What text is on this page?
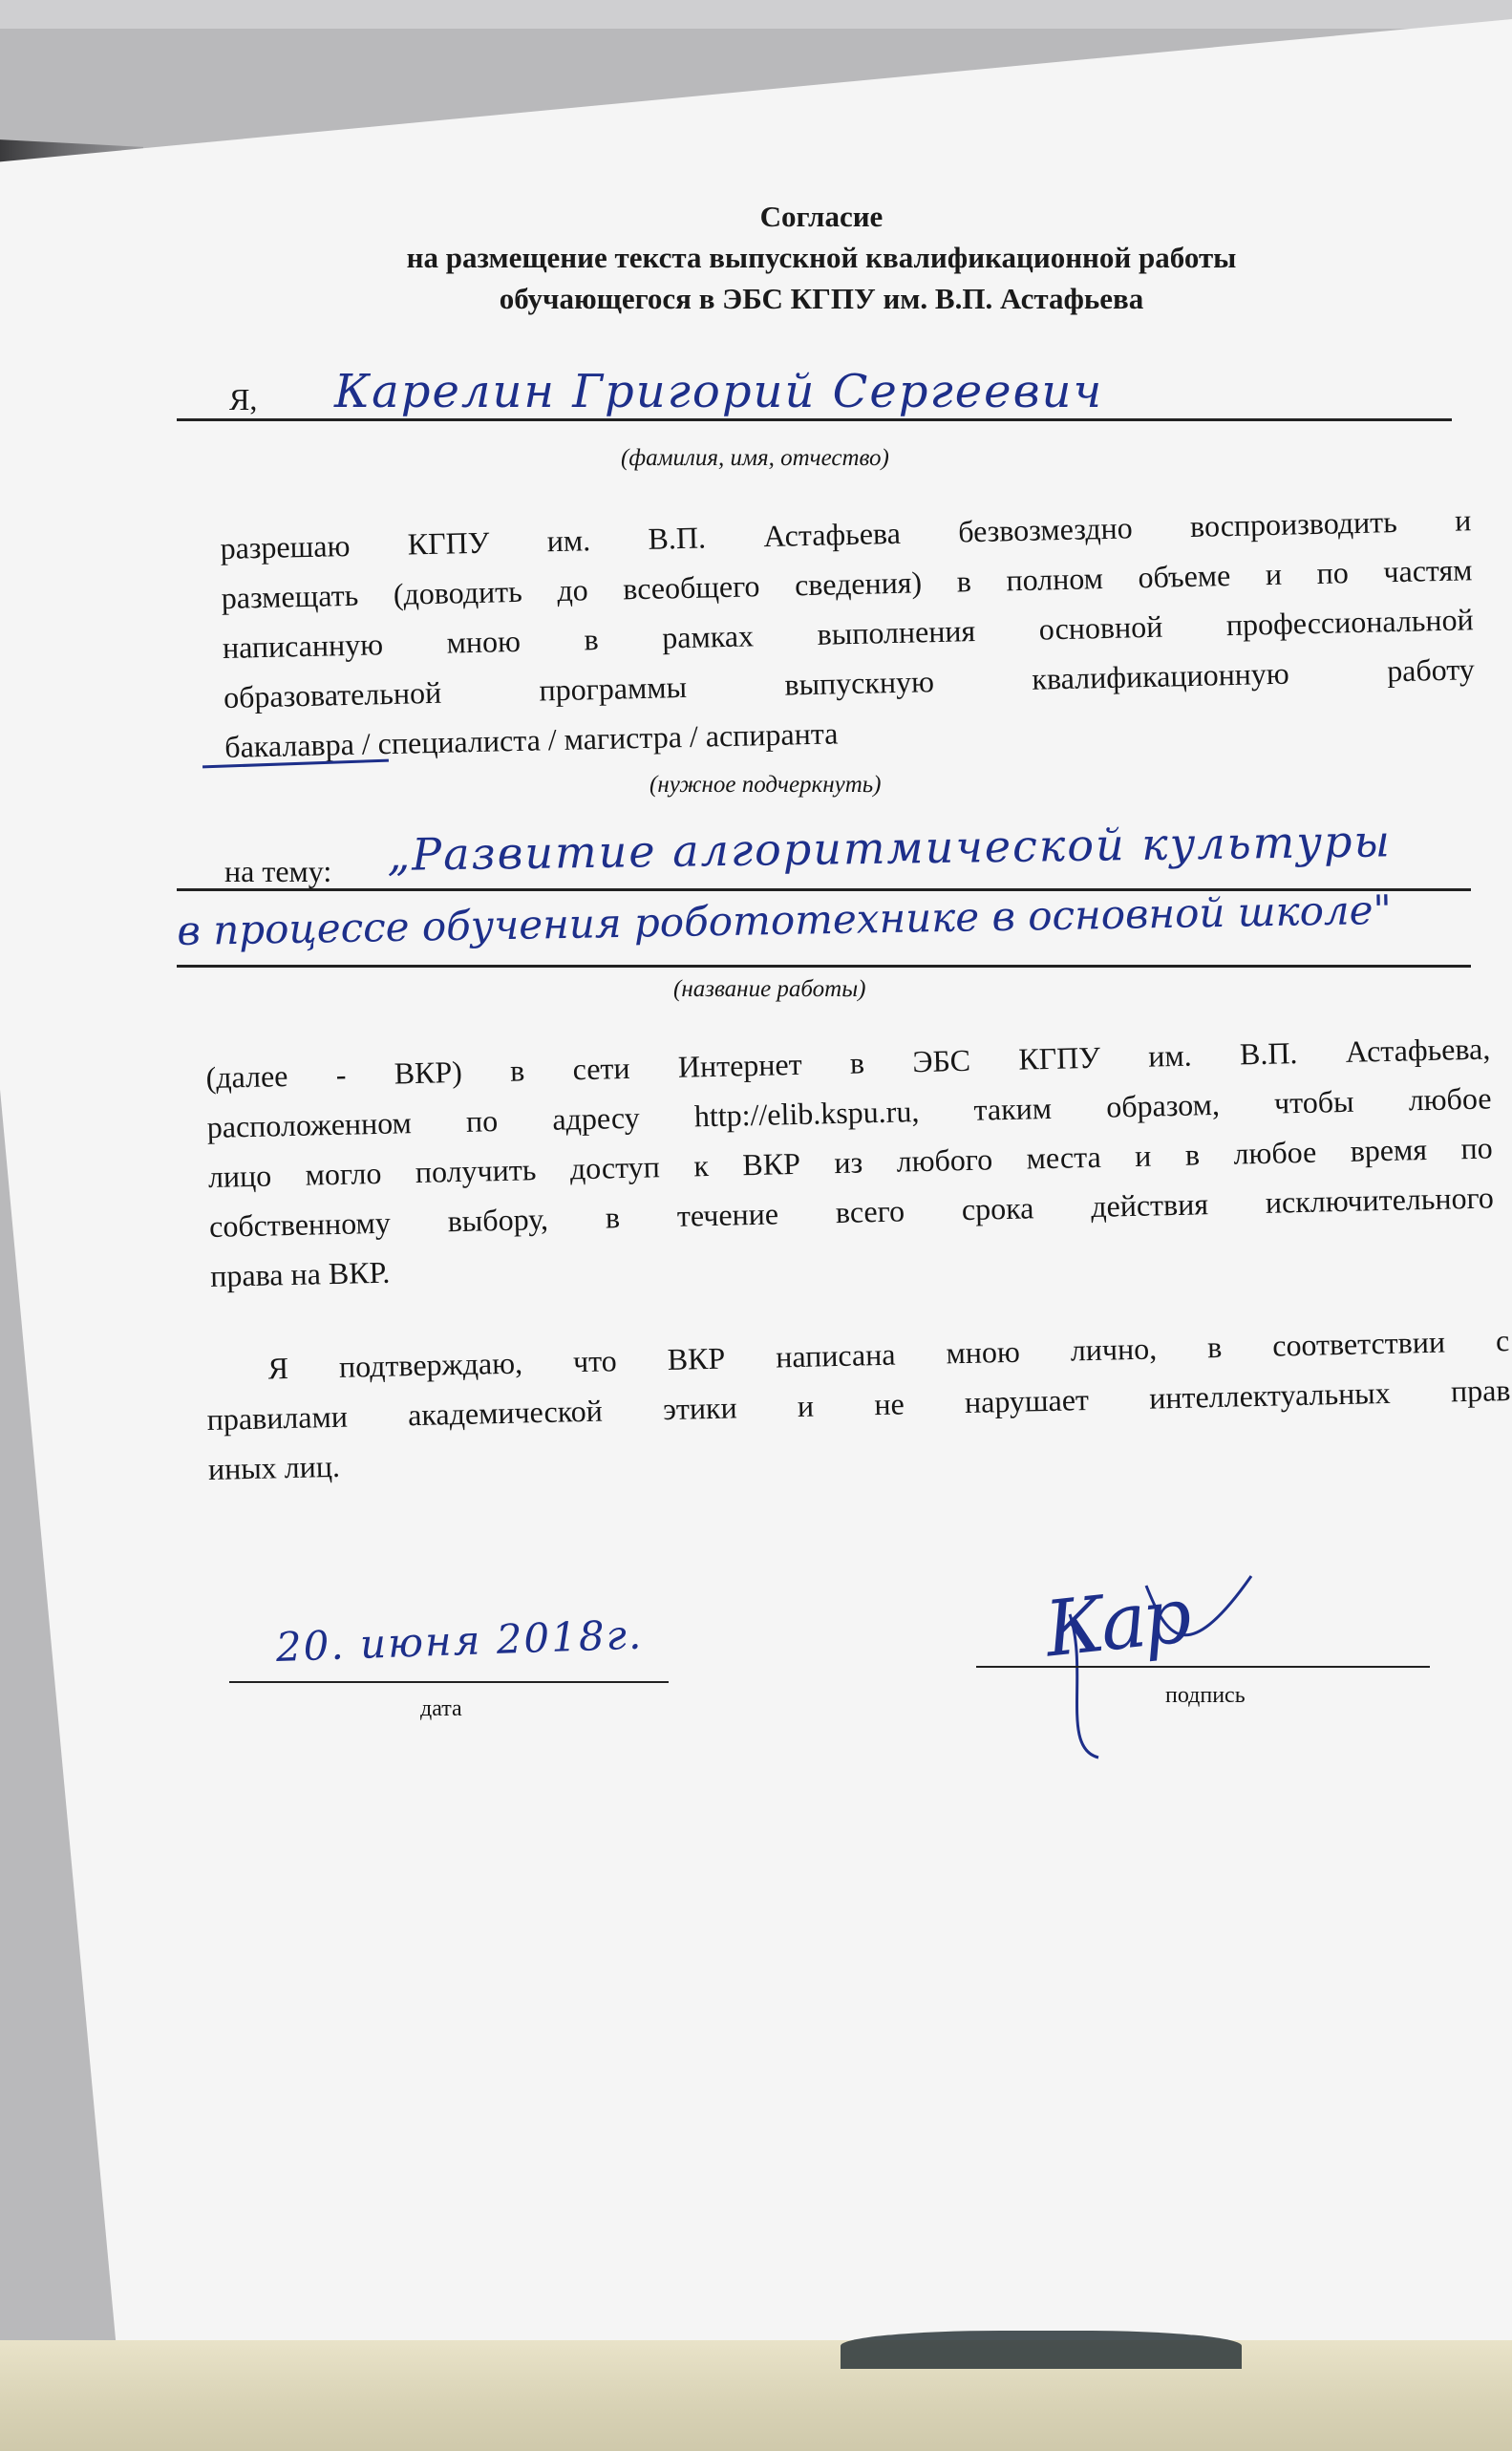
Согласие
на размещение текста выпускной квалификационной работы
обучающегося в ЭБС КГПУ им. В.П. Астафьева
Я, Карелин Григорий Сергеевич
(фамилия, имя, отчество)
разрешаю КГПУ им. В.П. Астафьева безвозмездно воспроизводить и
размещать (доводить до всеобщего сведения) в полном объеме и по частям
написанную мною в рамках выполнения основной профессиональной
образовательной программы выпускную квалификационную работу
бакалавра / специалиста / магистра / аспиранта
(нужное подчеркнуть)
на тему: „Развитие алгоритмической культуры
в процессе обучения робототехнике в основной школе"
(название работы)
(далее - ВКР) в сети Интернет в ЭБС КГПУ им. В.П. Астафьева,
расположенном по адресу http://elib.kspu.ru, таким образом, чтобы любое
лицо могло получить доступ к ВКР из любого места и в любое время по
собственному выбору, в течение всего срока действия исключительного
права на ВКР.
Я подтверждаю, что ВКР написана мною лично, в соответствии с
правилами академической этики и не нарушает интеллектуальных прав
иных лиц.
20. июня 2018г.
дата
Кар
подпись
